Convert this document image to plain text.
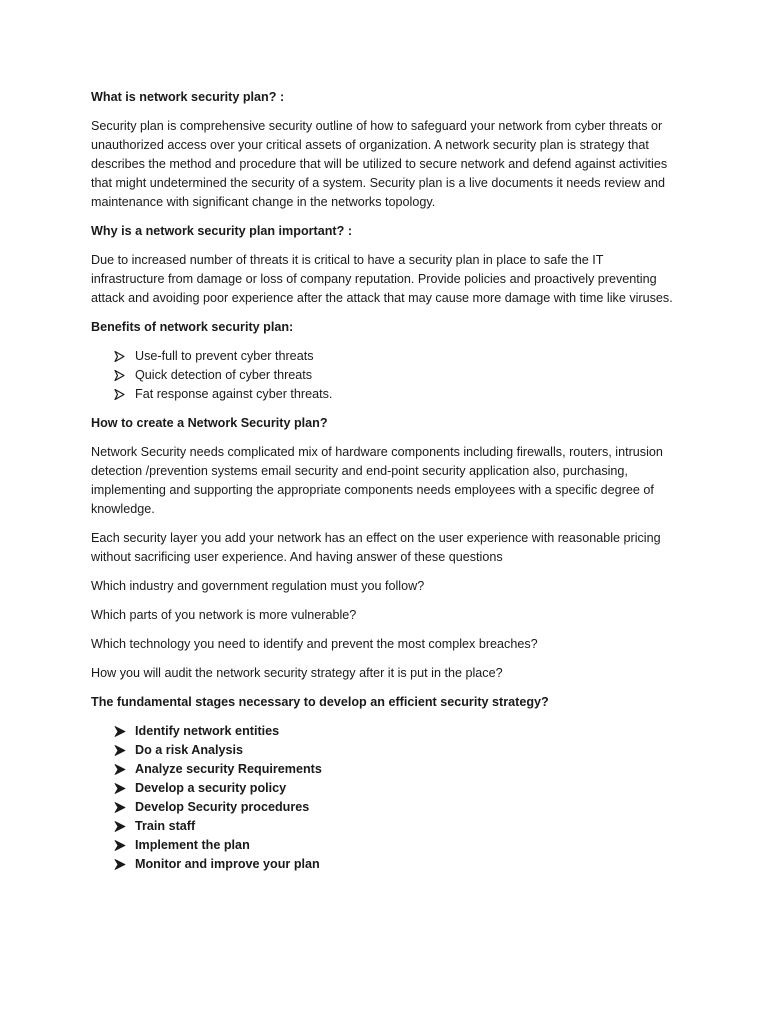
What is network security plan? :
Security plan is comprehensive security outline of how to safeguard your network from cyber threats or
unauthorized access over your critical assets of organization. A network security plan is strategy that
describes the method and procedure that will be utilized to secure network and defend against activities
that might undetermined the security of a system. Security plan is a live documents it needs review and
maintenance with significant change in the networks topology.
Why is a network security plan important? :
Due to increased number of threats it is critical to have a security plan in place to safe the IT
infrastructure from damage or loss of company reputation. Provide policies and proactively preventing
attack and avoiding poor experience after the attack that may cause more damage with time like viruses.
Benefits of network security plan:
Use-full to prevent cyber threats
Quick detection of cyber threats
Fat response against cyber threats.
How to create a Network Security plan?
Network Security needs complicated mix of hardware components including firewalls, routers, intrusion
detection /prevention systems email security and end-point security application also, purchasing,
implementing and supporting the appropriate components needs employees with a specific degree of
knowledge.
Each security layer you add your network has an effect on the user experience with reasonable pricing
without sacrificing user experience. And having answer of these questions
Which industry and government regulation must you follow?
Which parts of you network is more vulnerable?
Which technology you need to identify and prevent the most complex breaches?
How you will audit the network security strategy after it is put in the place?
The fundamental stages necessary to develop an efficient security strategy?
Identify network entities
Do a risk Analysis
Analyze security Requirements
Develop a security policy
Develop Security procedures
Train staff
Implement the plan
Monitor and improve your plan
